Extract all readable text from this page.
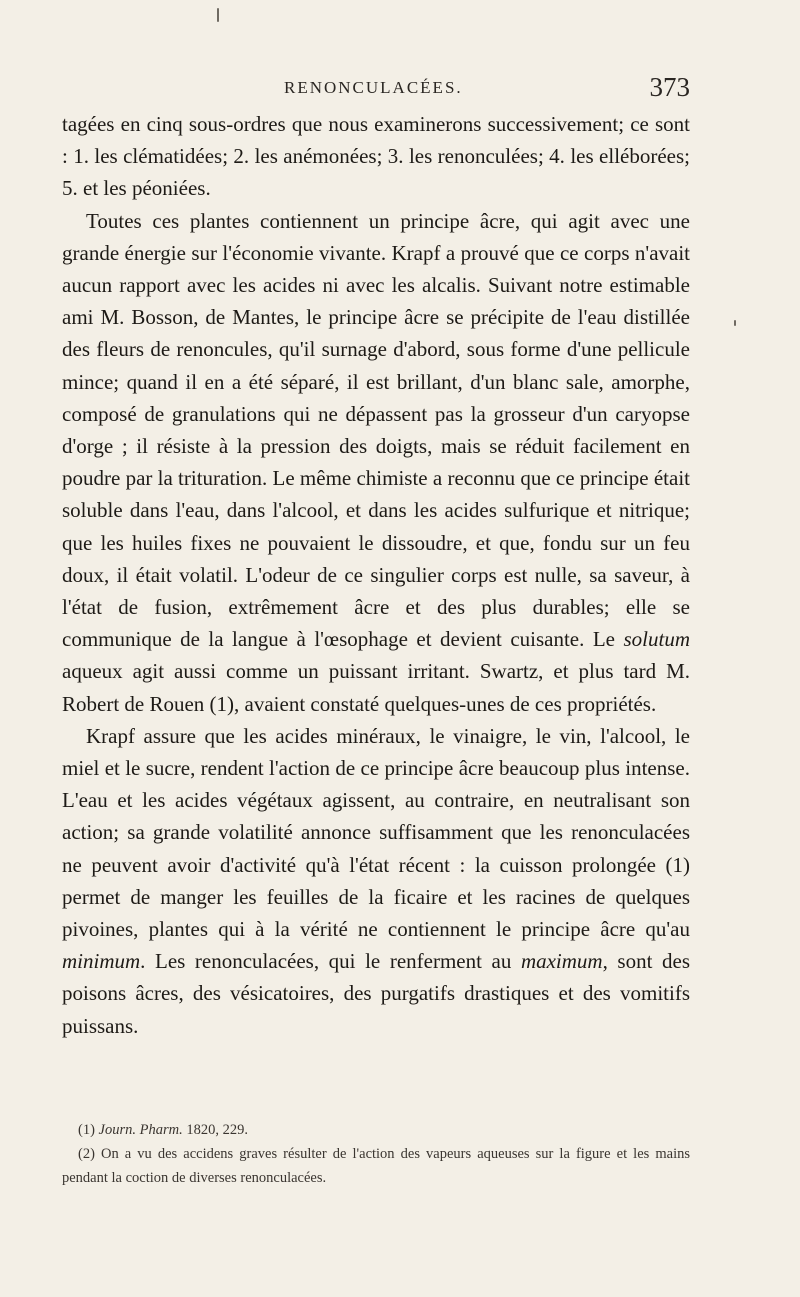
RENONCULACÉES.	373

tagées en cinq sous-ordres que nous examinerons successivement; ce sont : 1. les clématidées; 2. les anémonées; 3. les renonculées; 4. les elléborées; 5. et les péoniées.

Toutes ces plantes contiennent un principe âcre, qui agit avec une grande énergie sur l'économie vivante. Krapf a prouvé que ce corps n'avait aucun rapport avec les acides ni avec les alcalis. Suivant notre estimable ami M. Bosson, de Mantes, le principe âcre se précipite de l'eau distillée des fleurs de renoncules, qu'il surnage d'abord, sous forme d'une pellicule mince; quand il en a été séparé, il est brillant, d'un blanc sale, amorphe, composé de granulations qui ne dépassent pas la grosseur d'un caryopse d'orge ; il résiste à la pression des doigts, mais se réduit facilement en poudre par la trituration. Le même chimiste a reconnu que ce principe était soluble dans l'eau, dans l'alcool, et dans les acides sulfurique et nitrique; que les huiles fixes ne pouvaient le dissoudre, et que, fondu sur un feu doux, il était volatil. L'odeur de ce singulier corps est nulle, sa saveur, à l'état de fusion, extrêmement âcre et des plus durables; elle se communique de la langue à l'œsophage et devient cuisante. Le solutum aqueux agit aussi comme un puissant irritant. Swartz, et plus tard M. Robert de Rouen (1), avaient constaté quelques-unes de ces propriétés.

Krapf assure que les acides minéraux, le vinaigre, le vin, l'alcool, le miel et le sucre, rendent l'action de ce principe âcre beaucoup plus intense. L'eau et les acides végétaux agissent, au contraire, en neutralisant son action; sa grande volatilité annonce suffisamment que les renonculacées ne peuvent avoir d'activité qu'à l'état récent : la cuisson prolongée (1) permet de manger les feuilles de la ficaire et les racines de quelques pivoines, plantes qui à la vérité ne contiennent le principe âcre qu'au minimum. Les renonculacées, qui le renferment au maximum, sont des poisons âcres, des vésicatoires, des purgatifs drastiques et des vomitifs puissans.

(1) Journ. Pharm. 1820, 229.

(2) On a vu des accidens graves résulter de l'action des vapeurs aqueuses sur la figure et les mains pendant la coction de diverses renonculacées.
